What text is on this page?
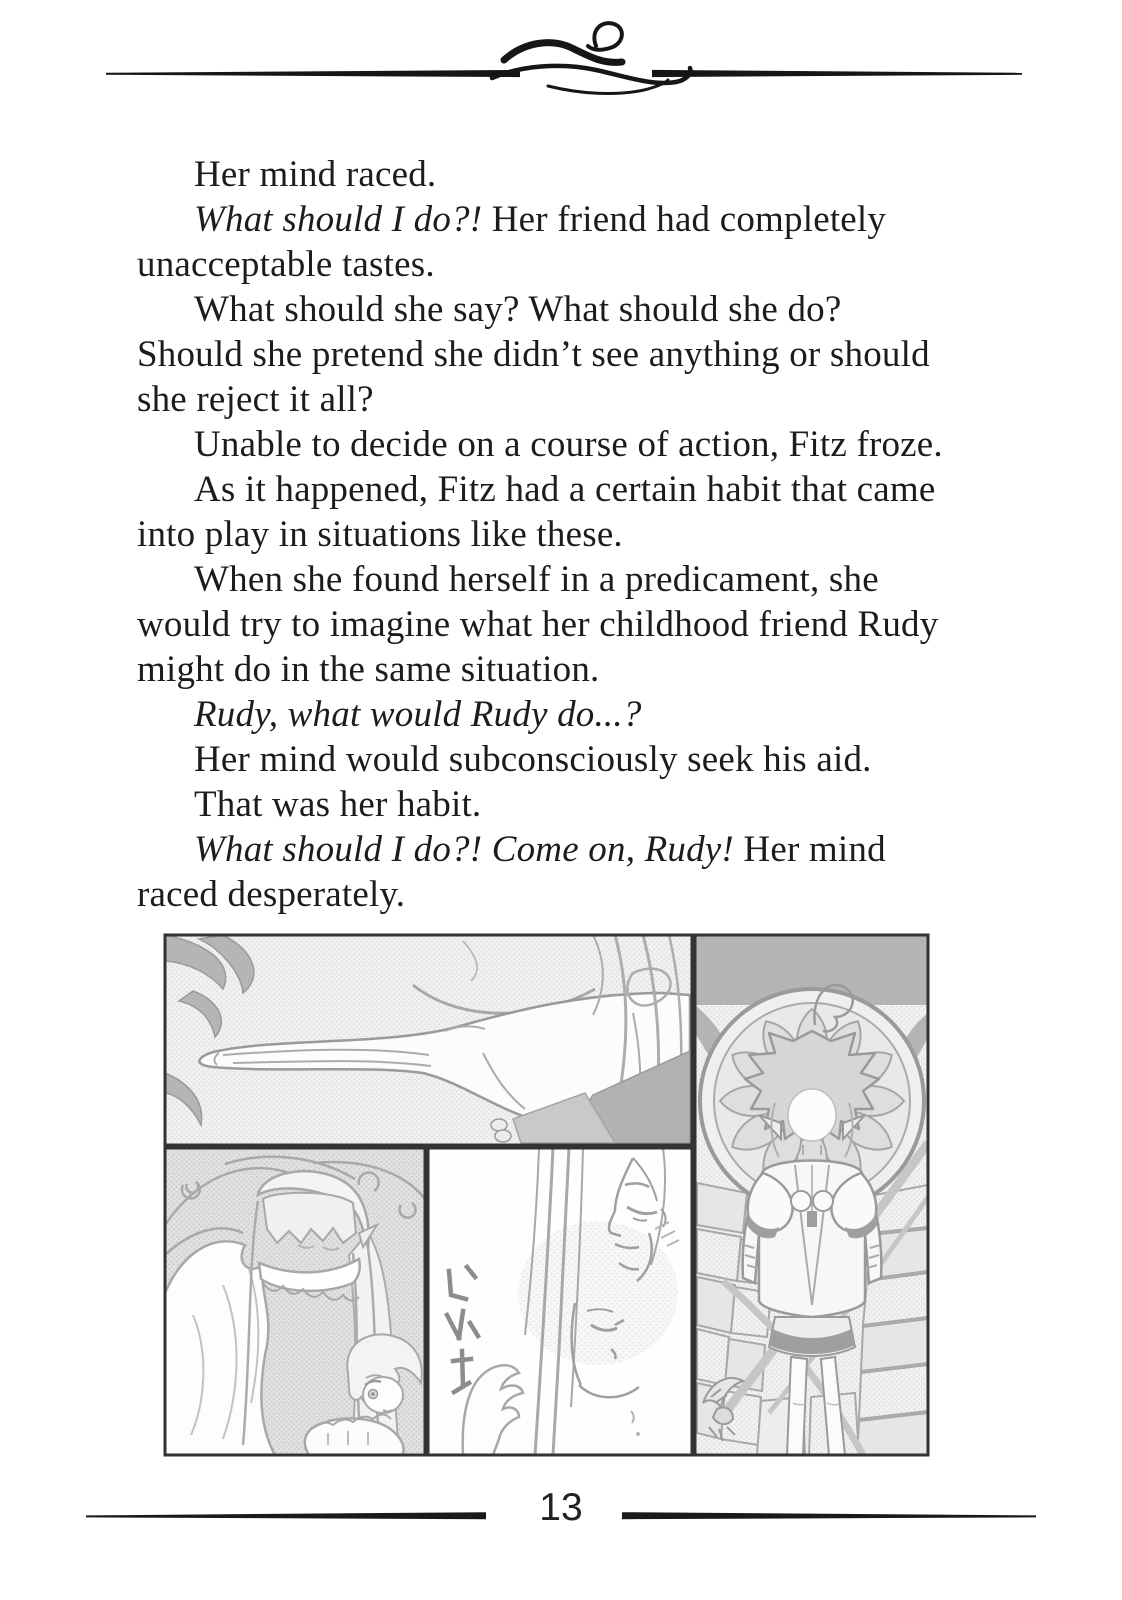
Her mind raced.
What should I do?! Her friend had completely
unacceptable tastes.
What should she say? What should she do?
Should she pretend she didn’t see anything or should
she reject it all?
Unable to decide on a course of action, Fitz froze.
As it happened, Fitz had a certain habit that came
into play in situations like these.
When she found herself in a predicament, she
would try to imagine what her childhood friend Rudy
might do in the same situation.
Rudy, what would Rudy do...?
Her mind would subconsciously seek his aid.
That was her habit.
What should I do?! Come on, Rudy! Her mind
raced desperately.
13
